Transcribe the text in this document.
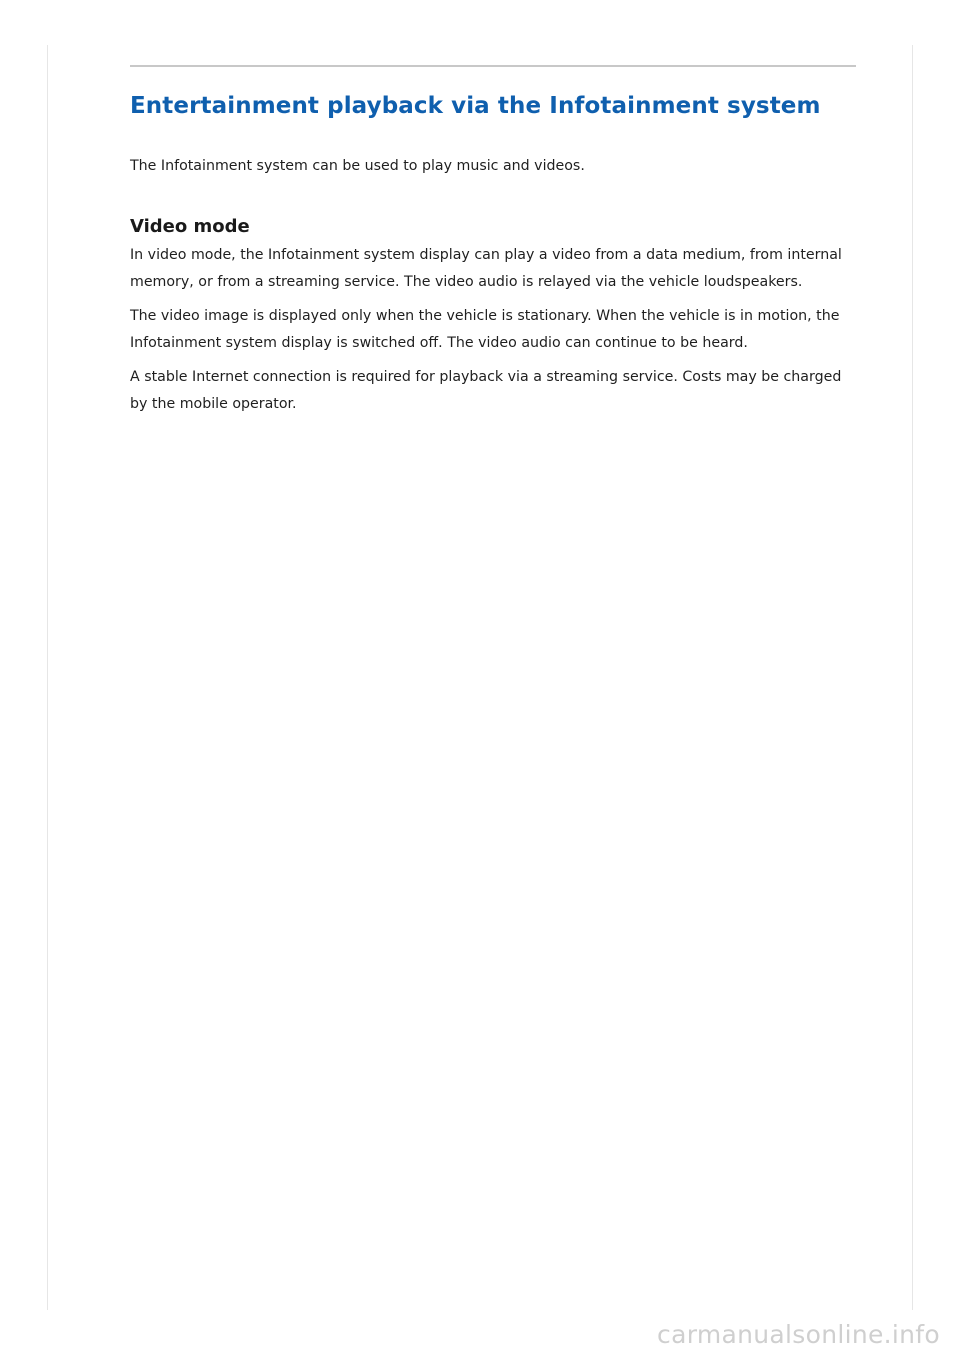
Entertainment playback via the Infotainment system

The Infotainment system can be used to play music and videos.

Video mode

In video mode, the Infotainment system display can play a video from a data medium, from internal memory, or from a streaming service. The video audio is relayed via the vehicle loudspeakers.

The video image is displayed only when the vehicle is stationary. When the vehicle is in motion, the Infotainment system display is switched off. The video audio can continue to be heard.

A stable Internet connection is required for playback via a streaming service. Costs may be charged by the mobile operator.

carmanualsonline.info
